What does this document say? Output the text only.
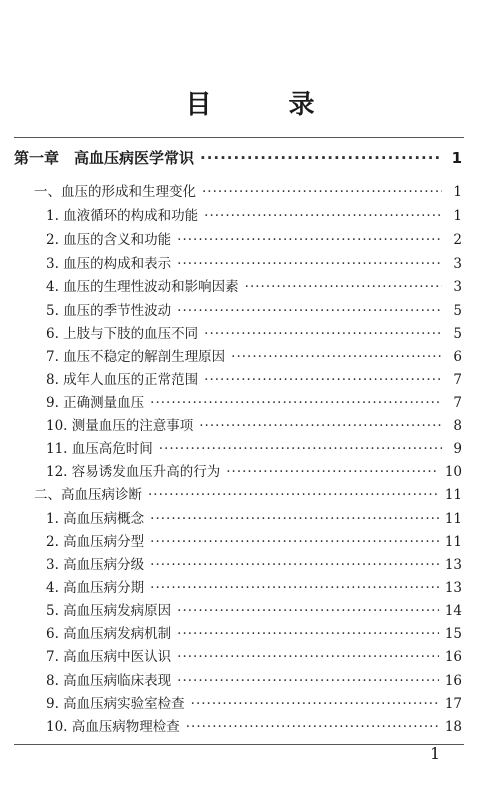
目 录
第一章　高血压病医学常识 ·····	1
一、血压的形成和生理变化 ·····	1
1. 血液循环的构成和功能 ·····	1
2. 血压的含义和功能 ·····	2
3. 血压的构成和表示 ·····	3
4. 血压的生理性波动和影响因素 ·····	3
5. 血压的季节性波动 ·····	5
6. 上肢与下肢的血压不同 ·····	5
7. 血压不稳定的解剖生理原因 ·····	6
8. 成年人血压的正常范围 ·····	7
9. 正确测量血压 ·····	7
10. 测量血压的注意事项 ·····	8
11. 血压高危时间 ·····	9
12. 容易诱发血压升高的行为 ·····	10
二、高血压病诊断 ·····	11
1. 高血压病概念 ·····	11
2. 高血压病分型 ·····	11
3. 高血压病分级 ·····	13
4. 高血压病分期 ·····	13
5. 高血压病发病原因 ·····	14
6. 高血压病发病机制 ·····	15
7. 高血压病中医认识 ·····	16
8. 高血压病临床表现 ·····	16
9. 高血压病实验室检查 ·····	17
10. 高血压病物理检查 ·····	18
1
